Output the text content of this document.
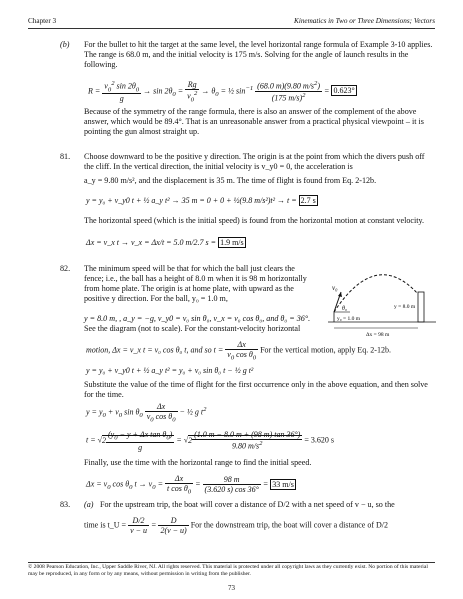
Chapter 3	Kinematics in Two or Three Dimensions; Vectors
(b) For the bullet to hit the target at the same level, the level horizontal range formula of Example 3-10 applies. The range is 68.0 m, and the initial velocity is 175 m/s. Solving for the angle of launch results in the following.
$R = \frac{v_0^2 \sin 2\theta_0}{g} \to \sin 2\theta_0 = \frac{Rg}{v_0^2} \to \theta_0$ = ½ $\sin^{-1} \frac{(68.0 m)(9.80 m/s^2)}{(175 m/s)^2} = 0.623^\circ$
Because of the symmetry of the range formula, there is also an answer of the complement of the above answer, which would be 89.4°. That is an unreasonable answer from a practical physical viewpoint – it is pointing the gun almost straight up.
81. Choose downward to be the positive y direction. The origin is at the point from which the divers push off the cliff. In the vertical direction, the initial velocity is v_y0 = 0, the acceleration is
a_y = 9.80 m/s², and the displacement is 35 m. The time of flight is found from Eq. 2-12b.
y = y₀ + v_y0 t + ½ a_y t² → 35 m = 0 + 0 + ½(9.8 m/s²)t² → t = 2.7 s
The horizontal speed (which is the initial speed) is found from the horizontal motion at constant velocity.
Δx = v_x t → v_x = Δx/t = 5.0 m/2.7 s = 1.9 m/s
82. The minimum speed will be that for which the ball just clears the fence; i.e., the ball has a height of 8.0 m when it is 98 m horizontally from home plate. The origin is at home plate, with upward as the positive y direction. For the ball, y₀ = 1.0 m,
y = 8.0 m, , a_y = −g, v_y0 = v₀ sin θ₀, v_x = v₀ cos θ₀, and θ₀ = 36°.
See the diagram (not to scale). For the constant-velocity horizontal
v₀
θ₀
y₀ = 1.0 m
y = 8.0 m
Δx = 98 m
motion, Δx = v_x t = v₀ cos θ₀ t, and so $t = \frac{\Delta x}{v_0 \cos \theta_0}$ For the vertical motion, apply Eq. 2-12b.
y = y₀ + v_y0 t + ½ a_y t² = y₀ + v₀ sin θ₀ t − ½ g t²
Substitute the value of the time of flight for the first occurrence only in the above equation, and then solve for the time.
$y = y_0 + v_0$ $\sin \theta_0 \frac{\Delta x}{v_0 \cos \theta_0}$ − ½ g $t^2$
$t = √2 \frac{(y_0 - y + \Delta x \tan \theta_0)}{g} = √2 \frac{(1.0 m - 8.0 m + (98 m) \tan 36^\circ)}{9.80 m/s^2} = 3.620$ s
Finally, use the time with the horizontal range to find the initial speed.
$\Delta x = v_0$ $\cos \theta_0$ $t \to v_0 = \frac{\Delta x}{t \cos \theta_0} = \frac{98 m}{(3.620 s) \cos 36^\circ} = 33$ m/s
83. (a) For the upstream trip, the boat will cover a distance of D/2 with a net speed of v − u, so the
time is t_U = $\frac{D/2}{v - u} = \frac{D}{2(v - u)}$ For the downstream trip, the boat will cover a distance of D/2
© 2008 Pearson Education, Inc., Upper Saddle River, NJ. All rights reserved. This material is protected under all copyright laws as they currently exist. No portion of this material may be reproduced, in any form or by any means, without permission in writing from the publisher.
73
